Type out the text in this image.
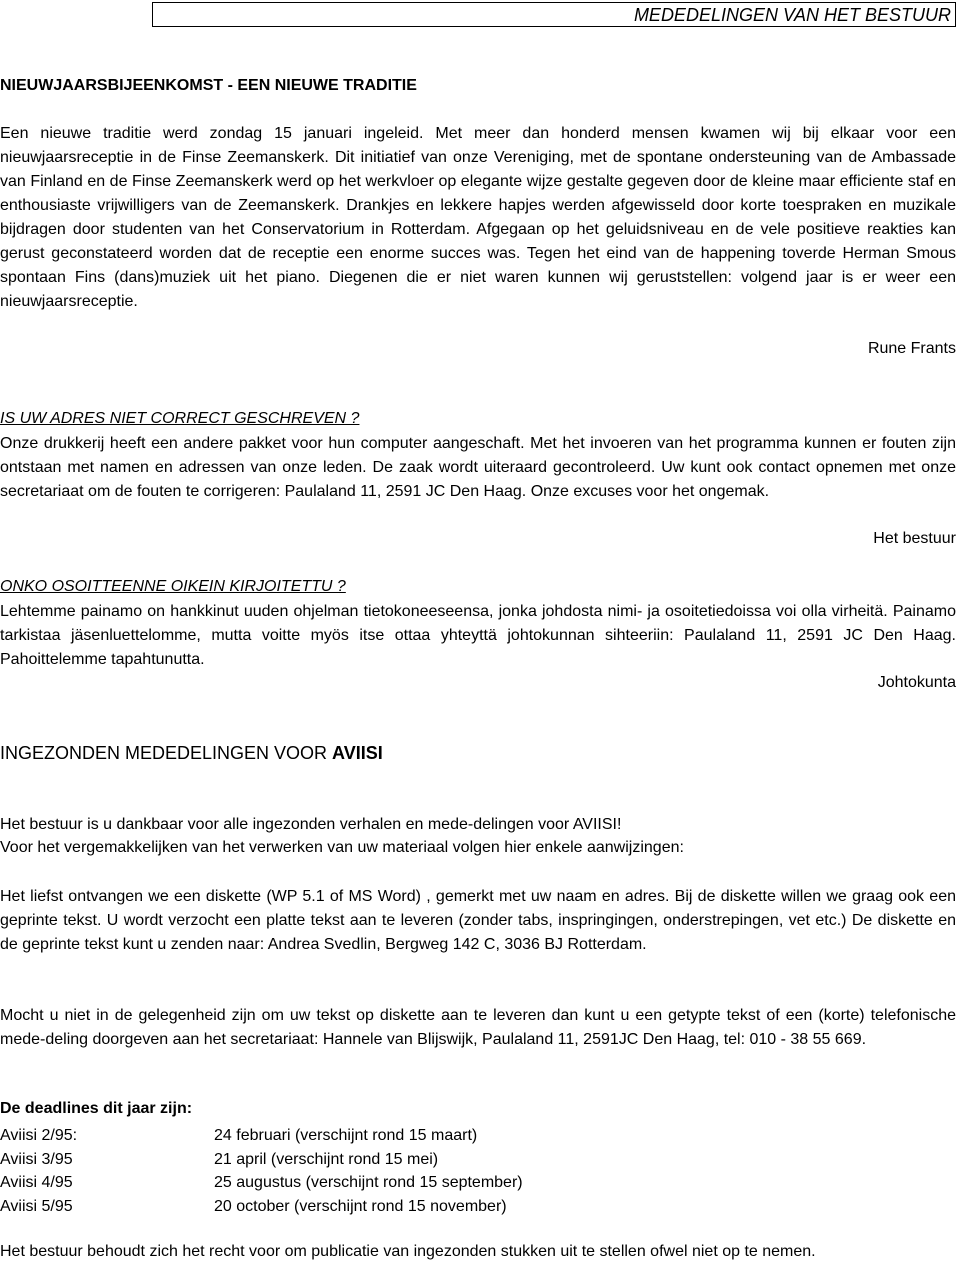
MEDEDELINGEN VAN HET BESTUUR
NIEUWJAARSBIJEENKOMST - EEN NIEUWE TRADITIE

Een nieuwe traditie werd zondag 15 januari ingeleid. Met meer dan honderd mensen kwamen wij bij elkaar voor een nieuwjaarsreceptie in de Finse Zeemanskerk. Dit initiatief van onze Vereniging, met de spontane ondersteuning van de Ambassade van Finland en de Finse Zeemanskerk werd op het werkvloer op elegante wijze gestalte gegeven door de kleine maar efficiente staf en enthousiaste vrijwilligers van de Zeemanskerk. Drankjes en lekkere hapjes werden afgewisseld door korte toespraken en muzikale bijdragen door studenten van het Conservatorium in Rotterdam. Afgegaan op het geluidsniveau en de vele positieve reakties kan gerust geconstateerd worden dat de receptie een enorme succes was. Tegen het eind van de happening toverde Herman Smous spontaan Fins (dans)muziek uit het piano. Diegenen die er niet waren kunnen wij geruststellen: volgend jaar is er weer een nieuwjaarsreceptie.

Rune Frants
IS UW ADRES NIET CORRECT GESCHREVEN ?

Onze drukkerij heeft een andere pakket voor hun computer aangeschaft. Met het invoeren van het programma kunnen er fouten zijn ontstaan met namen en adressen van onze leden. De zaak wordt uiteraard gecontroleerd. Uw kunt ook contact opnemen met onze secretariaat om de fouten te corrigeren: Paulaland 11, 2591 JC Den Haag. Onze excuses voor het ongemak.

Het bestuur
ONKO OSOITTEENNE OIKEIN KIRJOITETTU ?

Lehtemme painamo on hankkinut uuden ohjelman tietokoneeseensa, jonka johdosta nimi- ja osoitetiedoissa voi olla virheitä. Painamo tarkistaa jäsenluettelomme, mutta voitte myös itse ottaa yhteyttä johtokunnan sihteeriin: Paulaland 11, 2591 JC Den Haag. Pahoittelemme tapahtunutta.

Johtokunta
INGEZONDEN MEDEDELINGEN VOOR AVIISI
Het bestuur is u dankbaar voor alle ingezonden verhalen en mede-delingen voor AVIISI!
Voor het vergemakkelijken van het verwerken van uw materiaal volgen hier enkele aanwijzingen:

Het liefst ontvangen we een diskette (WP 5.1 of MS Word) , gemerkt met uw naam en adres. Bij de diskette willen we graag ook een geprinte tekst. U wordt verzocht een platte tekst aan te leveren (zonder tabs, inspringingen, onderstrepingen, vet etc.) De diskette en de geprinte tekst kunt u zenden naar: Andrea Svedlin, Bergweg 142 C, 3036 BJ Rotterdam.

Mocht u niet in de gelegenheid zijn om uw tekst op diskette aan te leveren dan kunt u een getypte tekst of een (korte) telefonische mede-deling doorgeven aan het secretariaat: Hannele van Blijswijk, Paulaland 11, 2591JC Den Haag, tel: 010 - 38 55 669.

De deadlines dit jaar zijn:
Aviisi 2/95:	24 februari (verschijnt rond 15 maart)
Aviisi 3/95	21 april (verschijnt rond 15 mei)
Aviisi 4/95	25 augustus (verschijnt rond 15 september)
Aviisi 5/95	20 october (verschijnt rond 15 november)
Het bestuur behoudt zich het recht voor om publicatie van ingezonden stukken uit te stellen ofwel niet op te nemen.
